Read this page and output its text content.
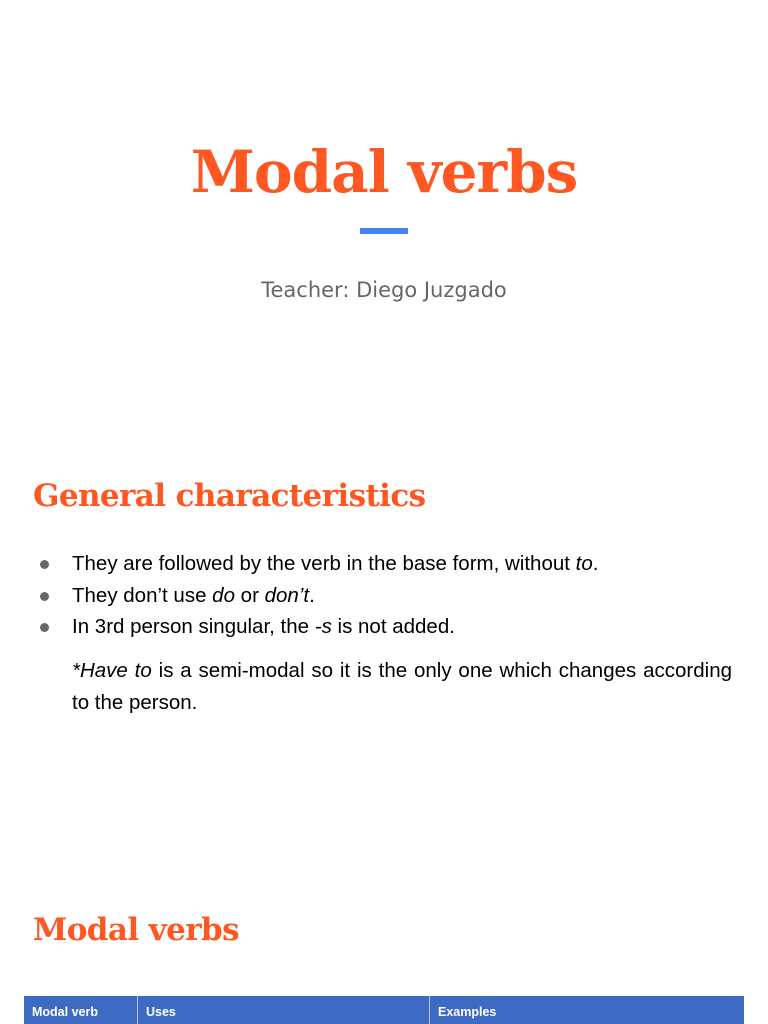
Modal verbs
Teacher: Diego Juzgado
General characteristics
They are followed by the verb in the base form, without to.
They don’t use do or don’t.
In 3rd person singular, the -s is not added.
*Have to is a semi-modal so it is the only one which changes according to the person.
Modal verbs
Modal verb	Uses	Examples
